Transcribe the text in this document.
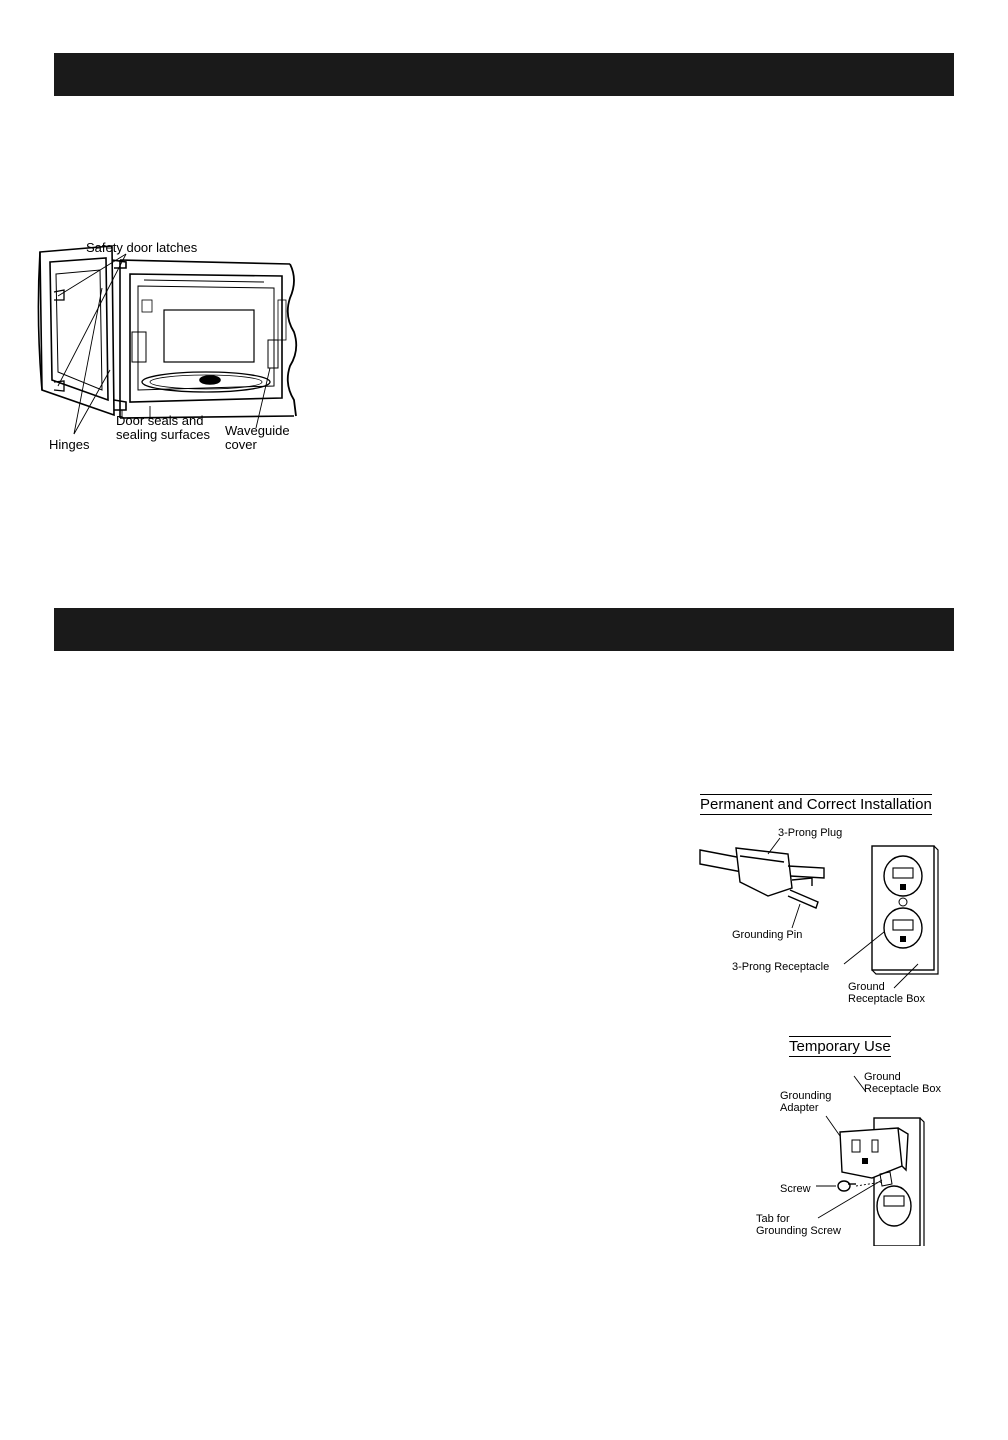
Safety door latches
Hinges
Door seals and
sealing surfaces Waveguide
cover
Permanent and Correct Installation
3-Prong Plug
Grounding Pin
3-Prong Receptacle
Ground
Receptacle Box
Temporary Use
Ground
Receptacle Box
Grounding
Adapter
Screw
Tab for
Grounding Screw
